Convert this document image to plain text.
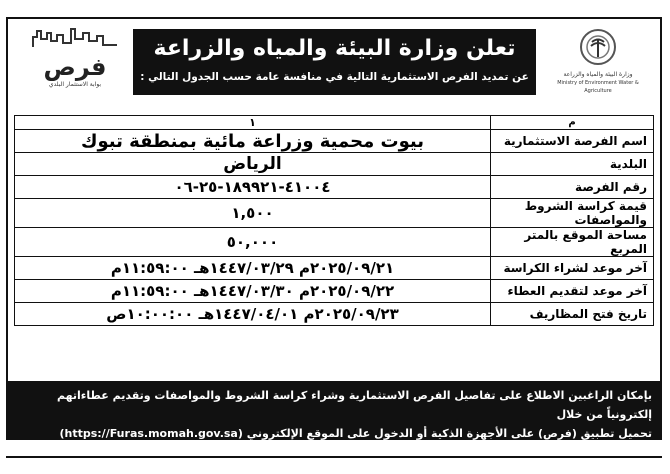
وزارة البيئة والمياه والزراعة
Ministry of Environment Water & Agriculture
تعلن وزارة البيئة والمياه والزراعة
عن تمديد الفرص الاستثمارية التالية في منافسة عامة حسب الجدول التالي :
فرص
بوابة الاستثمار البلدي
م	١
اسم الفرصة الاستثمارية	بيوت محمية وزراعة مائية بمنطقة تبوك
البلدية	الرياض
رقم الفرصة	٤١٠٠٤-١٨٩٩٢١-٢٥-٠٦
قيمة كراسة الشروط والمواصفات	١,٥٠٠
مساحة الموقع بالمتر المربع	٥٠,٠٠٠
آخر موعد لشراء الكراسة	٢٠٢٥/٠٩/٢١م ١٤٤٧/٠٣/٢٩هـ ١١:٥٩:٠٠م
آخر موعد لتقديم العطاء	٢٠٢٥/٠٩/٢٢م ١٤٤٧/٠٣/٣٠هـ ١١:٥٩:٠٠م
تاريخ فتح المظاريف	٢٠٢٥/٠٩/٢٣م ١٤٤٧/٠٤/٠١هـ ١٠:٠٠:٠٠ص
بإمكان الراغبين الاطلاع على تفاصيل الفرص الاستثمارية وشراء كراسة الشروط والمواصفات وتقديم عطاءاتهم إلكترونياً من خلال
تحميل تطبيق (فرص) على الأجهزة الذكية أو الدخول على الموقع الإلكتروني (https://Furas.momah.gov.sa)
